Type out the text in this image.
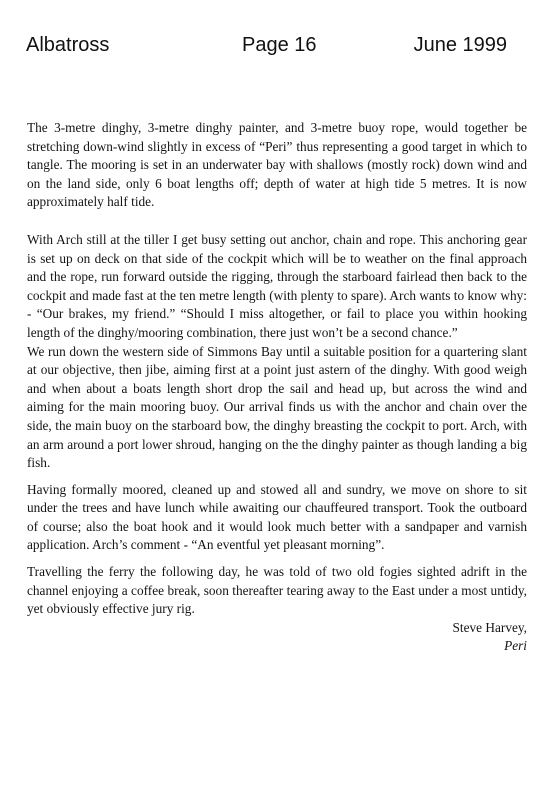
Albatross	Page 16	June 1999

The 3-metre dinghy, 3-metre dinghy painter, and 3-metre buoy rope, would together be stretching down-wind slightly in excess of “Peri” thus representing a good target in which to tangle. The mooring is set in an underwater bay with shallows (mostly rock) down wind and on the land side, only 6 boat lengths off; depth of water at high tide 5 metres. It is now approximately half tide.

With Arch still at the tiller I get busy setting out anchor, chain and rope. This anchoring gear is set up on deck on that side of the cockpit which will be to weather on the final approach and the rope, run forward outside the rigging, through the starboard fairlead then back to the cockpit and made fast at the ten metre length (with plenty to spare). Arch wants to know why: - “Our brakes, my friend.” “Should I miss altogether, or fail to place you within hooking length of the dinghy/mooring combination, there just won’t be a second chance.”

We run down the western side of Simmons Bay until a suitable position for a quartering slant at our objective, then jibe, aiming first at a point just astern of the dinghy. With good weigh and when about a boats length short drop the sail and head up, but across the wind and aiming for the main mooring buoy. Our arrival finds us with the anchor and chain over the side, the main buoy on the starboard bow, the dinghy breasting the cockpit to port. Arch, with an arm around a port lower shroud, hanging on the the dinghy painter as though landing a big fish.

Having formally moored, cleaned up and stowed all and sundry, we move on shore to sit under the trees and have lunch while awaiting our chauffeured transport. Took the outboard of course; also the boat hook and it would look much better with a sandpaper and varnish application. Arch’s comment - “An eventful yet pleasant morning”.

Travelling the ferry the following day, he was told of two old fogies sighted adrift in the channel enjoying a coffee break, soon thereafter tearing away to the East under a most untidy, yet obviously effective jury rig.

Steve Harvey,

Peri
